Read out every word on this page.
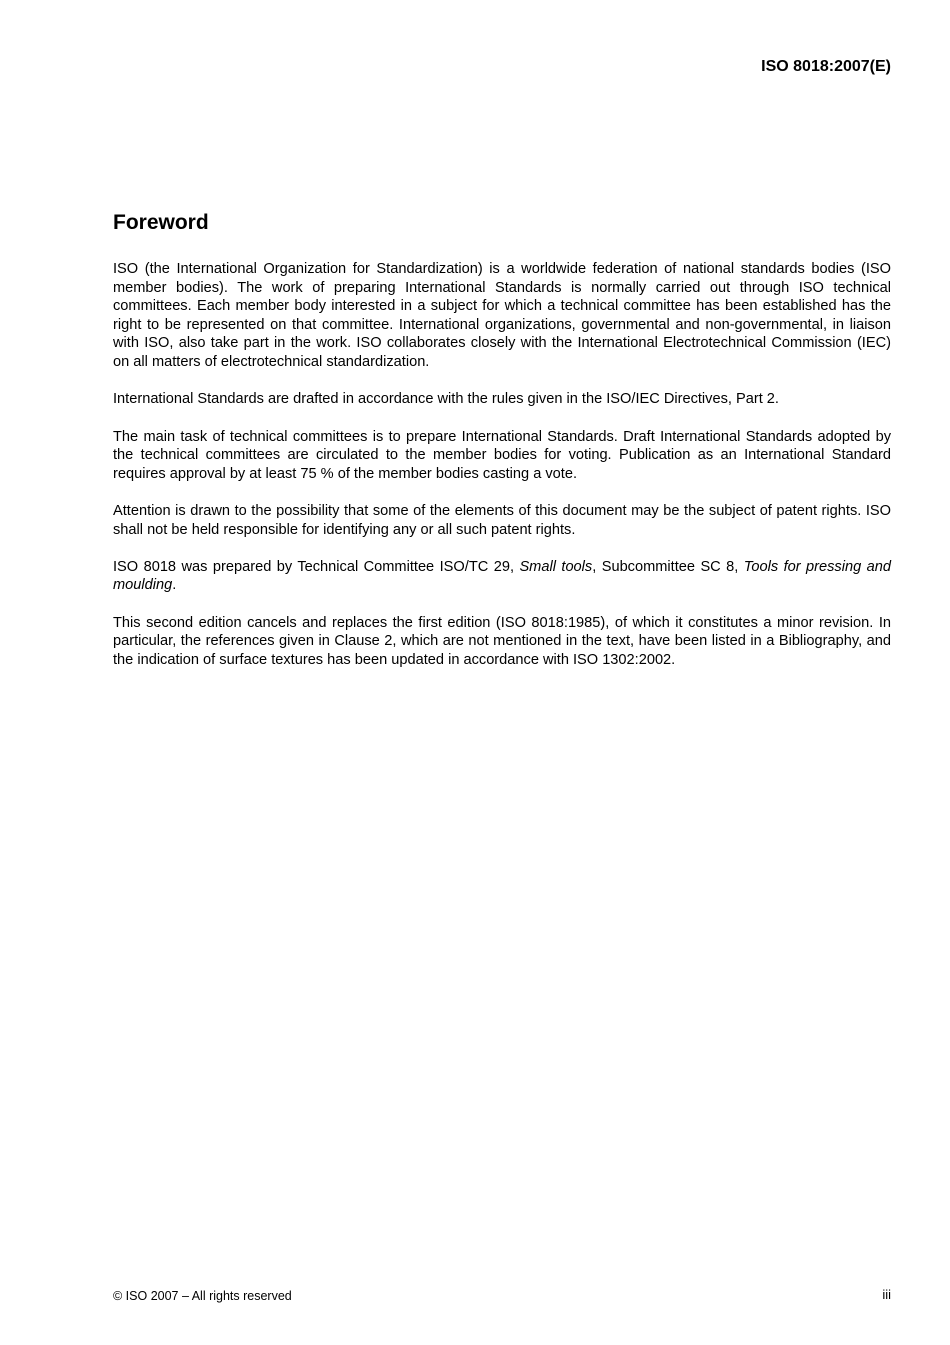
ISO 8018:2007(E)
Foreword

ISO (the International Organization for Standardization) is a worldwide federation of national standards bodies (ISO member bodies). The work of preparing International Standards is normally carried out through ISO technical committees. Each member body interested in a subject for which a technical committee has been established has the right to be represented on that committee. International organizations, governmental and non-governmental, in liaison with ISO, also take part in the work. ISO collaborates closely with the International Electrotechnical Commission (IEC) on all matters of electrotechnical standardization.

International Standards are drafted in accordance with the rules given in the ISO/IEC Directives, Part 2.

The main task of technical committees is to prepare International Standards. Draft International Standards adopted by the technical committees are circulated to the member bodies for voting. Publication as an International Standard requires approval by at least 75 % of the member bodies casting a vote.

Attention is drawn to the possibility that some of the elements of this document may be the subject of patent rights. ISO shall not be held responsible for identifying any or all such patent rights.

ISO 8018 was prepared by Technical Committee ISO/TC 29, Small tools, Subcommittee SC 8, Tools for pressing and moulding.

This second edition cancels and replaces the first edition (ISO 8018:1985), of which it constitutes a minor revision. In particular, the references given in Clause 2, which are not mentioned in the text, have been listed in a Bibliography, and the indication of surface textures has been updated in accordance with ISO 1302:2002.

© ISO 2007 – All rights reserved	iii
